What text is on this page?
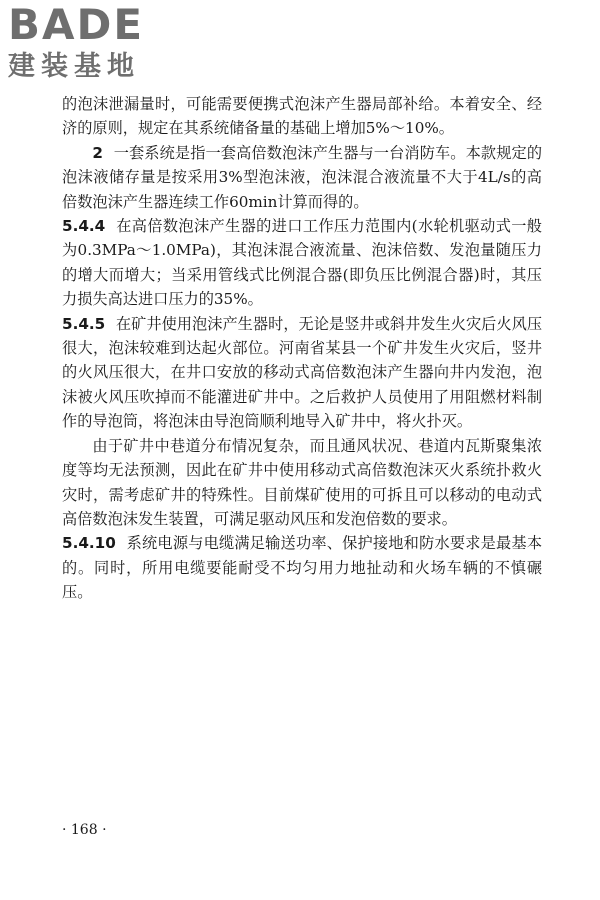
BADE
建装基地

的泡沫泄漏量时，可能需要便携式泡沫产生器局部补给。本着安全、经济的原则，规定在其系统储备量的基础上增加5%～10%。

2 一套系统是指一套高倍数泡沫产生器与一台消防车。本款规定的泡沫液储存量是按采用3%型泡沫液，泡沫混合液流量不大于4L/s的高倍数泡沫产生器连续工作60min计算而得的。

5.4.4 在高倍数泡沫产生器的进口工作压力范围内(水轮机驱动式一般为0.3MPa～1.0MPa)，其泡沫混合液流量、泡沫倍数、发泡量随压力的增大而增大；当采用管线式比例混合器(即负压比例混合器)时，其压力损失高达进口压力的35%。

5.4.5 在矿井使用泡沫产生器时，无论是竖井或斜井发生火灾后火风压很大，泡沫较难到达起火部位。河南省某县一个矿井发生火灾后，竖井的火风压很大，在井口安放的移动式高倍数泡沫产生器向井内发泡，泡沫被火风压吹掉而不能灌进矿井中。之后救护人员使用了用阻燃材料制作的导泡筒，将泡沫由导泡筒顺利地导入矿井中，将火扑灭。

由于矿井中巷道分布情况复杂，而且通风状况、巷道内瓦斯聚集浓度等均无法预测，因此在矿井中使用移动式高倍数泡沫灭火系统扑救火灾时，需考虑矿井的特殊性。目前煤矿使用的可拆且可以移动的电动式高倍数泡沫发生装置，可满足驱动风压和发泡倍数的要求。

5.4.10 系统电源与电缆满足输送功率、保护接地和防水要求是最基本的。同时，所用电缆要能耐受不均匀用力地扯动和火场车辆的不慎碾压。

· 168 ·
